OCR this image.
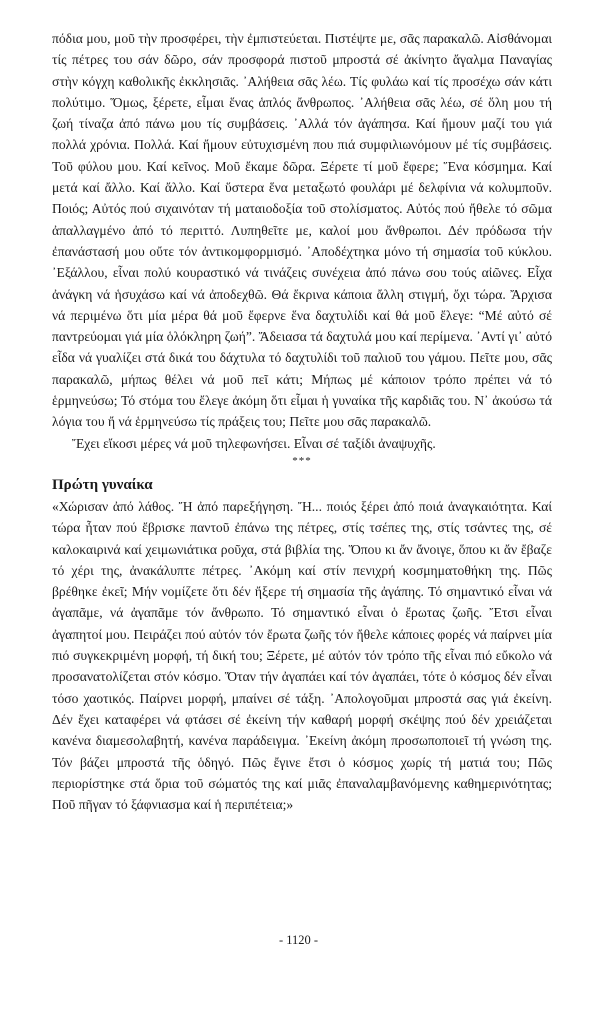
πόδια μου, μοῦ τὴν προσφέρει, τὴν ἐμπιστεύεται. Πιστέψτε με, σᾶς παρακαλῶ. Αἰσθάνομαι τίς πέτρες του σάν δῶρο, σάν προσφορά πιστοῦ μπροστά σέ ἀκίνητο ἄγαλμα Παναγίας στὴν κόγχη καθολικῆς ἐκκλησιᾶς. ᾿Αλήθεια σᾶς λέω. Τίς φυλάω καί τίς προσέχω σάν κάτι πολύτιμο. Ὅμως, ξέρετε, εἶμαι ἕνας ἁπλός ἄνθρωπος. ᾿Αλήθεια σᾶς λέω, σέ ὅλη μου τή ζωή τίναζα ἀπό πάνω μου τίς συμβάσεις. ᾿Αλλά τόν ἀγάπησα. Καί ἤμουν μαζί του γιά πολλά χρόνια. Πολλά. Καί ἤμουν εὐτυχισμένη που πιά συμφιλιωνόμουν μέ τίς συμβάσεις. Τοῦ φύλου μου. Καί κεῖνος. Μοῦ ἔκαμε δῶρα. Ξέρετε τί μοῦ ἔφερε; Ἕνα κόσμημα. Καί μετά καί ἄλλο. Καί ἄλλο. Καί ὕστερα ἕνα μεταξωτό φουλάρι μέ δελφίνια νά κολυμποῦν. Ποιός; Αὐτός πού σιχαινόταν τή ματαιοδοξία τοῦ στολίσματος. Αὐτός πού ἤθελε τό σῶμα ἀπαλλαγμένο ἀπό τό περιττό. Λυπηθεῖτε με, καλοί μου ἄνθρωποι. Δέν πρόδωσα τήν ἐπανάστασή μου οὔτε τόν ἀντικομφορμισμό. ᾿Αποδέχτηκα μόνο τή σημασία τοῦ κύκλου. ᾿Εξάλλου, εἶναι πολύ κουραστικό νά τινάζεις συνέχεια ἀπό πάνω σου τούς αἰῶνες. Εἶχα ἀνάγκη νά ἡσυχάσω καί νά ἀποδεχθῶ. Θά ἔκρινα κάποια ἄλλη στιγμή, ὄχι τώρα. Ἄρχισα νά περιμένω ὅτι μία μέρα θά μοῦ ἔφερνε ἕνα δαχτυλίδι καί θά μοῦ ἔλεγε: “Μέ αὐτό σέ παντρεύομαι γιά μία ὁλόκληρη ζωή”. Ἄδειασα τά δαχτυλά μου καί περίμενα. ᾿Αντί γι᾿ αὐτό εἶδα νά γυαλίζει στά δικά του δάχτυλα τό δαχτυλίδι τοῦ παλιοῦ του γάμου. Πεῖτε μου, σᾶς παρακαλῶ, μήπως θέλει νά μοῦ πεῖ κάτι; Μήπως μέ κάποιον τρόπο πρέπει νά τό ἑρμηνεύσω; Τό στόμα του ἔλεγε ἀκόμη ὅτι εἶμαι ἡ γυναίκα τῆς καρδιᾶς του. Ν᾿ ἀκούσω τά λόγια του ἤ νά ἑρμηνεύσω τίς πράξεις του; Πεῖτε μου σᾶς παρακαλῶ.

Ἔχει εἴκοσι μέρες νά μοῦ τηλεφωνήσει. Εἶναι σέ ταξίδι ἀναψυχῆς.

***
Πρώτη γυναίκα

«Χώρισαν ἀπό λάθος. Ἤ ἀπό παρεξήγηση. Ἤ... ποιός ξέρει ἀπό ποιά ἀναγκαιότητα. Καί τώρα ἦταν πού ἔβρισκε παντοῦ ἐπάνω της πέτρες, στίς τσέπες της, στίς τσάντες της, σέ καλοκαιρινά καί χειμωνιάτικα ροῦχα, στά βιβλία της. Ὅπου κι ἄν ἄνοιγε, ὅπου κι ἄν ἔβαζε τό χέρι της, ἀνακάλυπτε πέτρες. ᾿Ακόμη καί στίν πενιχρή κοσμηματοθήκη της. Πῶς βρέθηκε ἐκεῖ; Μήν νομίζετε ὅτι δέν ἤξερε τή σημασία τῆς ἀγάπης. Τό σημαντικό εἶναι νά ἀγαπᾶμε, νά ἀγαπᾶμε τόν ἄνθρωπο. Τό σημαντικό εἶναι ὁ ἔρωτας ζωῆς. Ἔτσι εἶναι ἀγαπητοί μου. Πειράζει πού αὐτόν τόν ἔρωτα ζωῆς τόν ἤθελε κάποιες φορές νά παίρνει μία πιό συγκεκριμένη μορφή, τή δική του; Ξέρετε, μέ αὐτόν τόν τρόπο τῆς εἶναι πιό εὔκολο νά προσανατολίζεται στόν κόσμο. Ὅταν τήν ἀγαπάει καί τόν ἀγαπάει, τότε ὁ κόσμος δέν εἶναι τόσο χαοτικός. Παίρνει μορφή, μπαίνει σέ τάξη. ᾿Απολογοῦμαι μπροστά σας γιά ἐκείνη. Δέν ἔχει καταφέρει νά φτάσει σέ ἐκείνη τήν καθαρή μορφή σκέψης πού δέν χρειάζεται κανένα διαμεσολαβητή, κανένα παράδειγμα. ᾿Εκείνη ἀκόμη προσωποποιεῖ τή γνώση της. Τόν βάζει μπροστά τῆς ὁδηγό. Πῶς ἔγινε ἔτσι ὁ κόσμος χωρίς τή ματιά του; Πῶς περιορίστηκε στά ὅρια τοῦ σώματός της καί μιᾶς ἐπαναλαμβανόμενης καθημερινότητας; Ποῦ πῆγαν τό ξάφνιασμα καί ἡ περιπέτεια;»

- 1120 -
